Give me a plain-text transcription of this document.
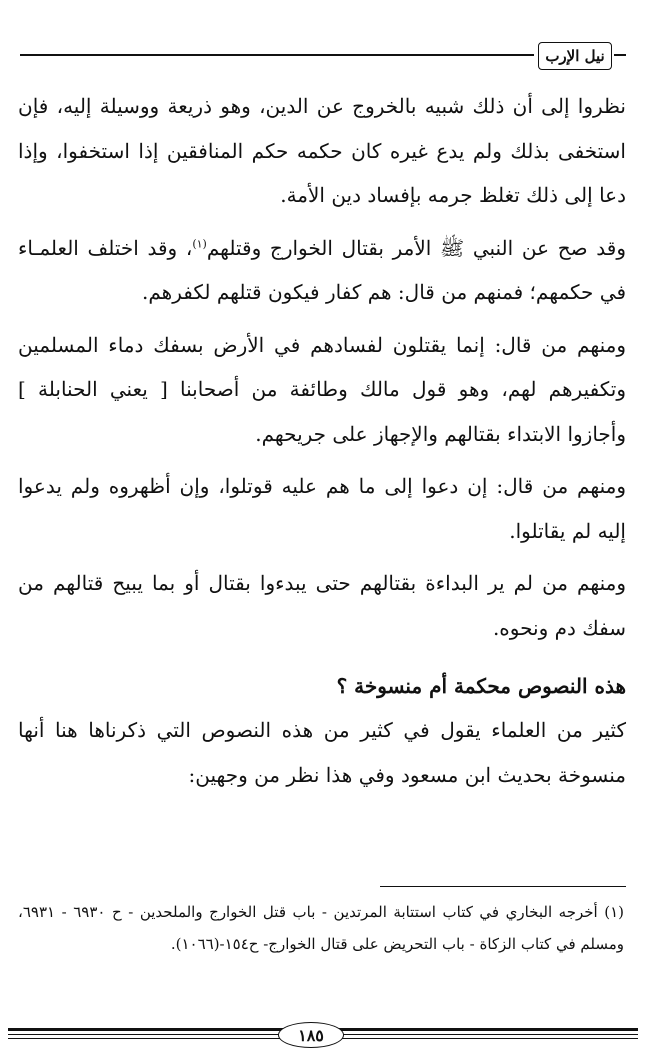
نيل الإرب

نظروا إلى أن ذلك شبيه بالخروج عن الدين، وهو ذريعة ووسيلة إليه، فإن استخفى بذلك ولم يدع غيره كان حكمه حكم المنافقين إذا استخفوا، وإذا دعا إلى ذلك تغلظ جرمه بإفساد دين الأمة.

وقد صح عن النبي ﷺ الأمر بقتال الخوارج وقتلهم$^{(١)}$، وقد اختلف العلمـاء في حكمهم؛ فمنهم من قال: هم كفار فيكون قتلهم لكفرهم.

ومنهم من قال: إنما يقتلون لفسادهم في الأرض بسفك دماء المسلمين وتكفيرهم لهم، وهو قول مالك وطائفة من أصحابنا [ يعني الحنابلة ] وأجازوا الابتداء بقتالهم والإجهاز على جريحهم.

ومنهم من قال: إن دعوا إلى ما هم عليه قوتلوا، وإن أظهروه ولم يدعوا إليه لم يقاتلوا.

ومنهم من لم ير البداءة بقتالهم حتى يبدءوا بقتال أو بما يبيح قتالهم من سفك دم ونحوه.

هذه النصوص محكمة أم منسوخة ؟

كثير من العلماء يقول في كثير من هذه النصوص التي ذكرناها هنا أنها منسوخة بحديث ابن مسعود وفي هذا نظر من وجهين:

(١) أخرجه البخاري في كتاب استتابة المرتدين - باب قتل الخوارج والملحدين - ح ٦٩٣٠ - ٦٩٣١، ومسلم في كتاب الزكاة - باب التحريض على قتال الخوارج- ح١٥٤-(١٠٦٦).
١٨٥
